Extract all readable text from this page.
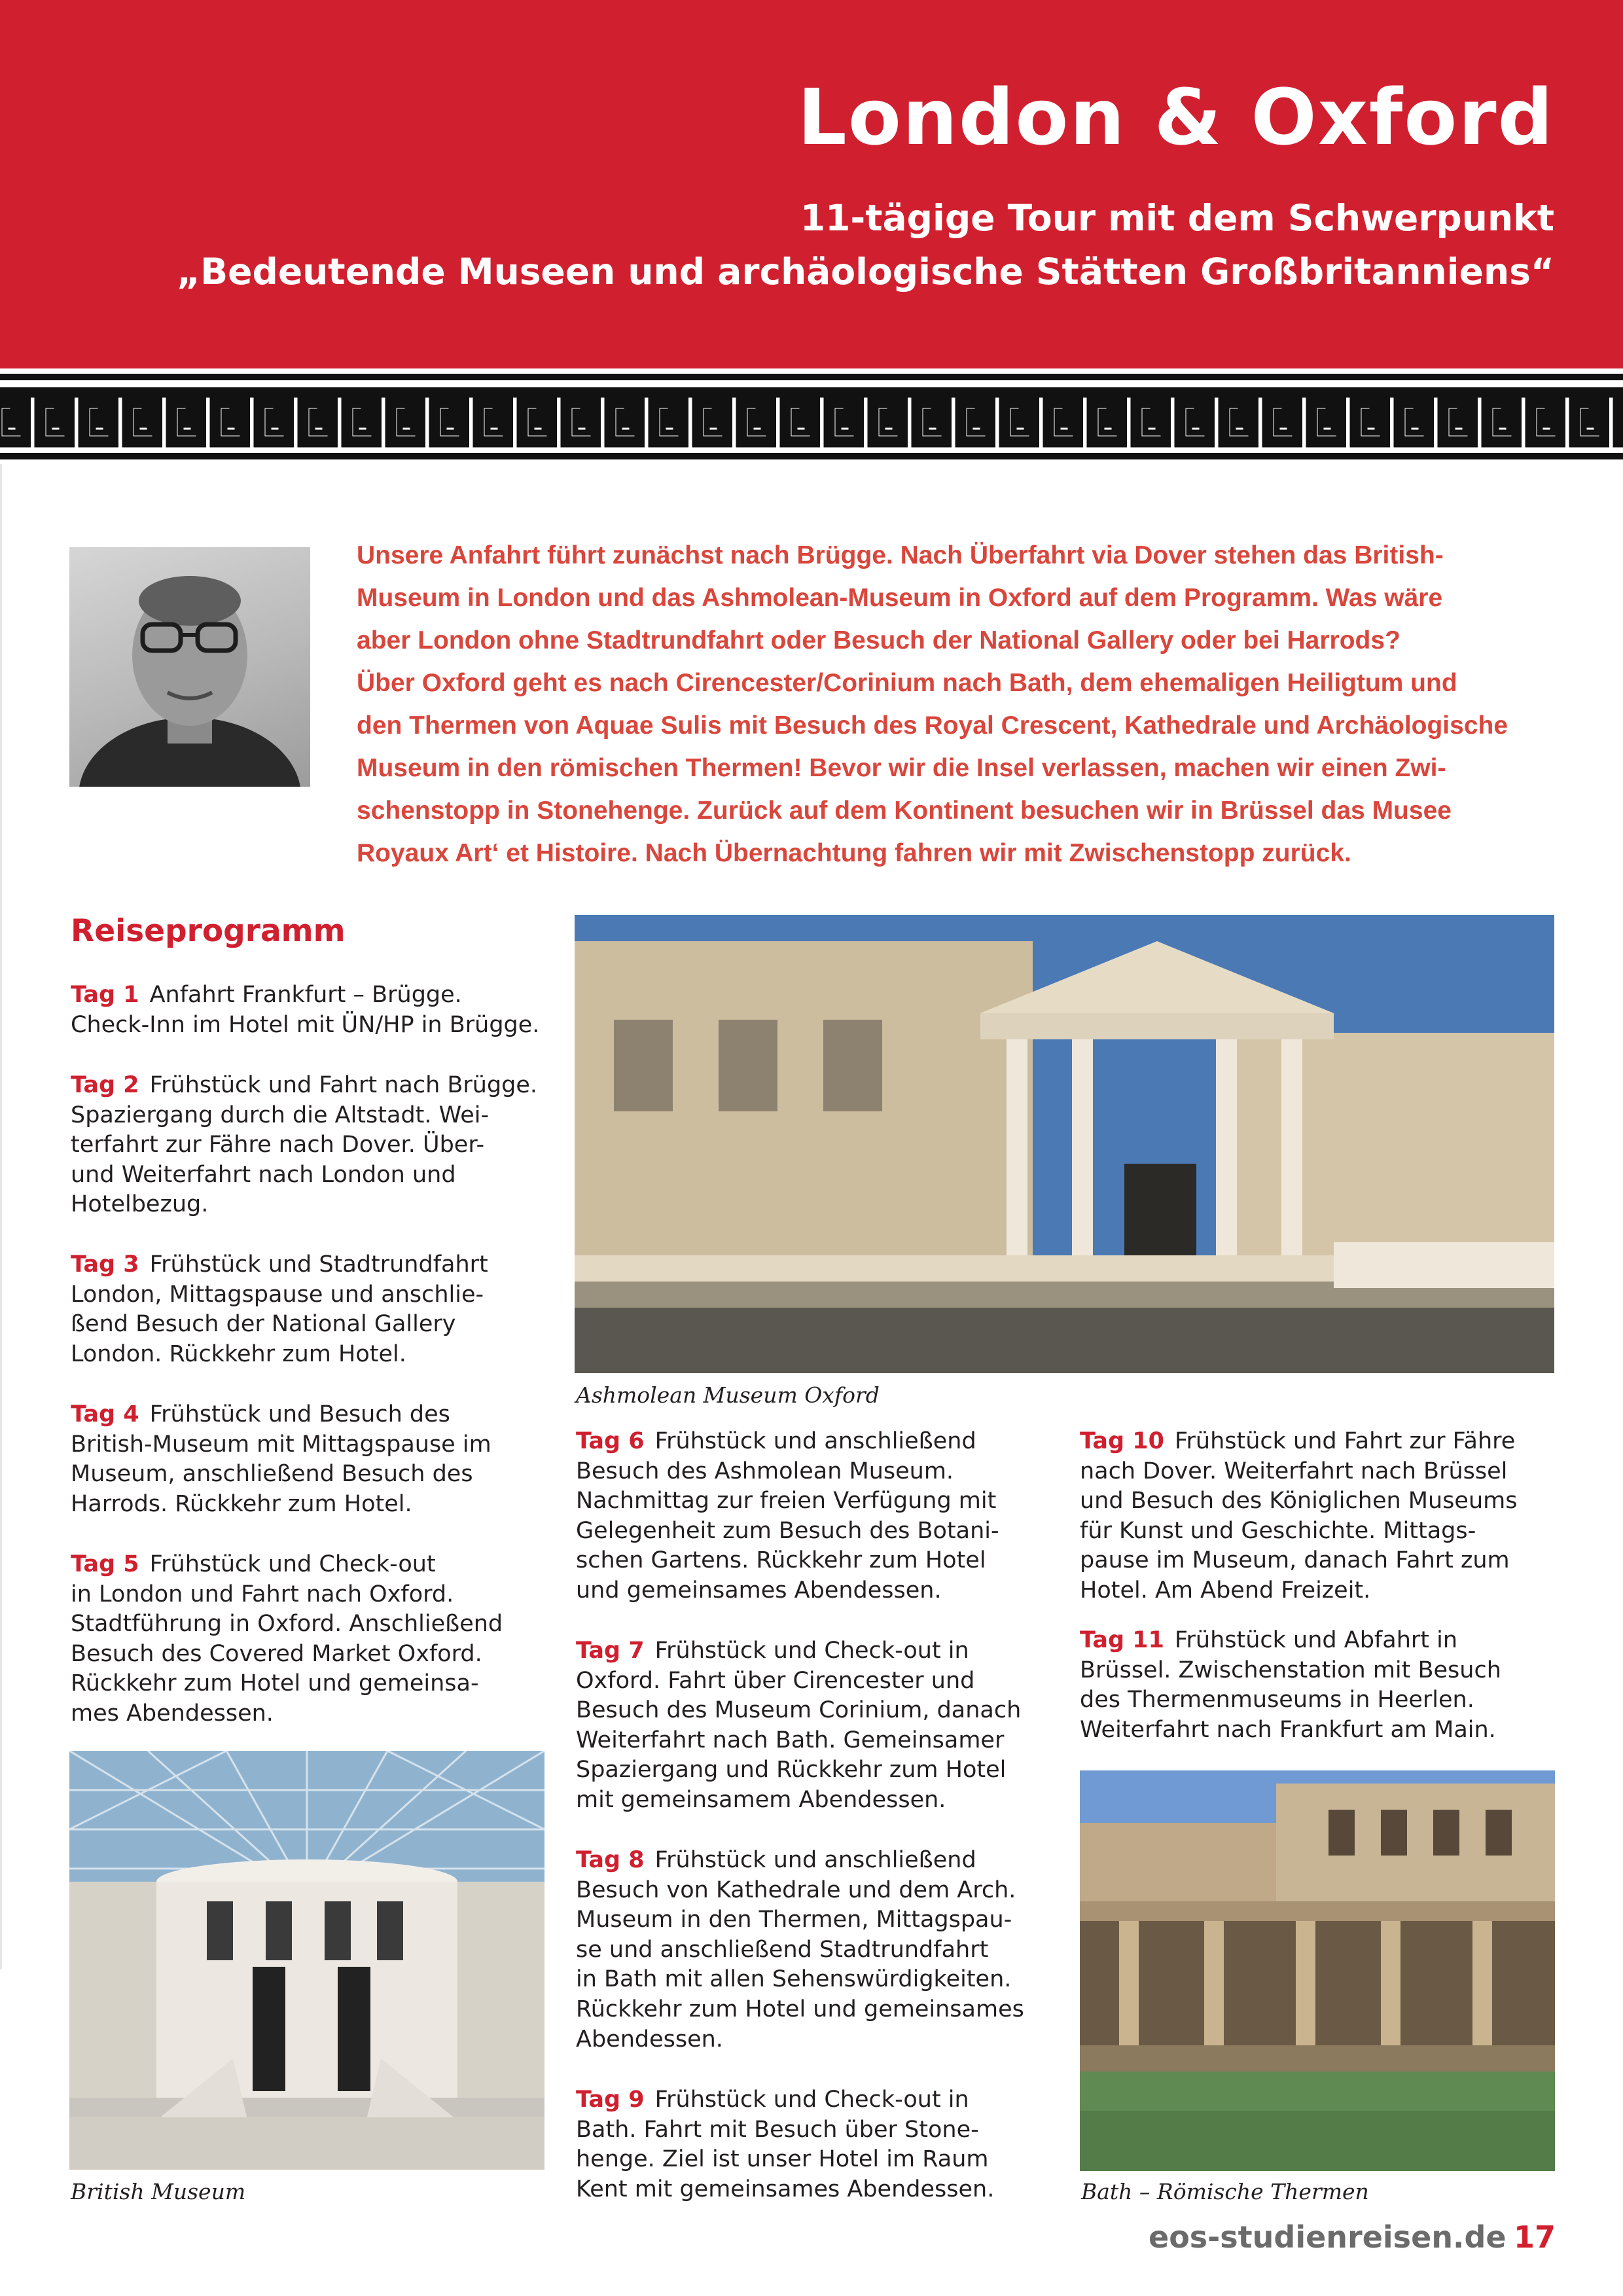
London & Oxford
11-tägige Tour mit dem Schwerpunkt
„Bedeutende Museen und archäologische Stätten Großbritanniens“
Unsere Anfahrt führt zunächst nach Brügge. Nach Überfahrt via Dover stehen das British-
Museum in London und das Ashmolean-Museum in Oxford auf dem Programm. Was wäre
aber London ohne Stadtrundfahrt oder Besuch der National Gallery oder bei Harrods?
Über Oxford geht es nach Cirencester/Corinium nach Bath, dem ehemaligen Heiligtum und
den Thermen von Aquae Sulis mit Besuch des Royal Crescent, Kathedrale und Archäologische
Museum in den römischen Thermen! Bevor wir die Insel verlassen, machen wir einen Zwi-
schenstopp in Stonehenge. Zurück auf dem Kontinent besuchen wir in Brüssel das Musee
Royaux Art‘ et Histoire. Nach Übernachtung fahren wir mit Zwischenstopp zurück.
Reiseprogramm
Tag 1 Anfahrt Frankfurt – Brügge.
Check-Inn im Hotel mit ÜN/HP in Brügge.
Tag 2 Frühstück und Fahrt nach Brügge.
Spaziergang durch die Altstadt. Wei-
terfahrt zur Fähre nach Dover. Über-
und Weiterfahrt nach London und
Hotelbezug.
Tag 3 Frühstück und Stadtrundfahrt
London, Mittagspause und anschlie-
ßend Besuch der National Gallery
London. Rückkehr zum Hotel.
Tag 4 Frühstück und Besuch des
British-Museum mit Mittagspause im
Museum, anschließend Besuch des
Harrods. Rückkehr zum Hotel.
Tag 5 Frühstück und Check-out
in London und Fahrt nach Oxford.
Stadtführung in Oxford. Anschließend
Besuch des Covered Market Oxford.
Rückkehr zum Hotel und gemeinsa-
mes Abendessen.
British Museum
Ashmolean Museum Oxford
Tag 6 Frühstück und anschließend
Besuch des Ashmolean Museum.
Nachmittag zur freien Verfügung mit
Gelegenheit zum Besuch des Botani-
schen Gartens. Rückkehr zum Hotel
und gemeinsames Abendessen.
Tag 7 Frühstück und Check-out in
Oxford. Fahrt über Cirencester und
Besuch des Museum Corinium, danach
Weiterfahrt nach Bath. Gemeinsamer
Spaziergang und Rückkehr zum Hotel
mit gemeinsamem Abendessen.
Tag 8 Frühstück und anschließend
Besuch von Kathedrale und dem Arch.
Museum in den Thermen, Mittagspau-
se und anschließend Stadtrundfahrt
in Bath mit allen Sehenswürdigkeiten.
Rückkehr zum Hotel und gemeinsames
Abendessen.
Tag 9 Frühstück und Check-out in
Bath. Fahrt mit Besuch über Stone-
henge. Ziel ist unser Hotel im Raum
Kent mit gemeinsames Abendessen.
Tag 10 Frühstück und Fahrt zur Fähre
nach Dover. Weiterfahrt nach Brüssel
und Besuch des Königlichen Museums
für Kunst und Geschichte. Mittags-
pause im Museum, danach Fahrt zum
Hotel. Am Abend Freizeit.
Tag 11 Frühstück und Abfahrt in
Brüssel. Zwischenstation mit Besuch
des Thermenmuseums in Heerlen.
Weiterfahrt nach Frankfurt am Main.
Bath – Römische Thermen
eos-studienreisen.de 17
